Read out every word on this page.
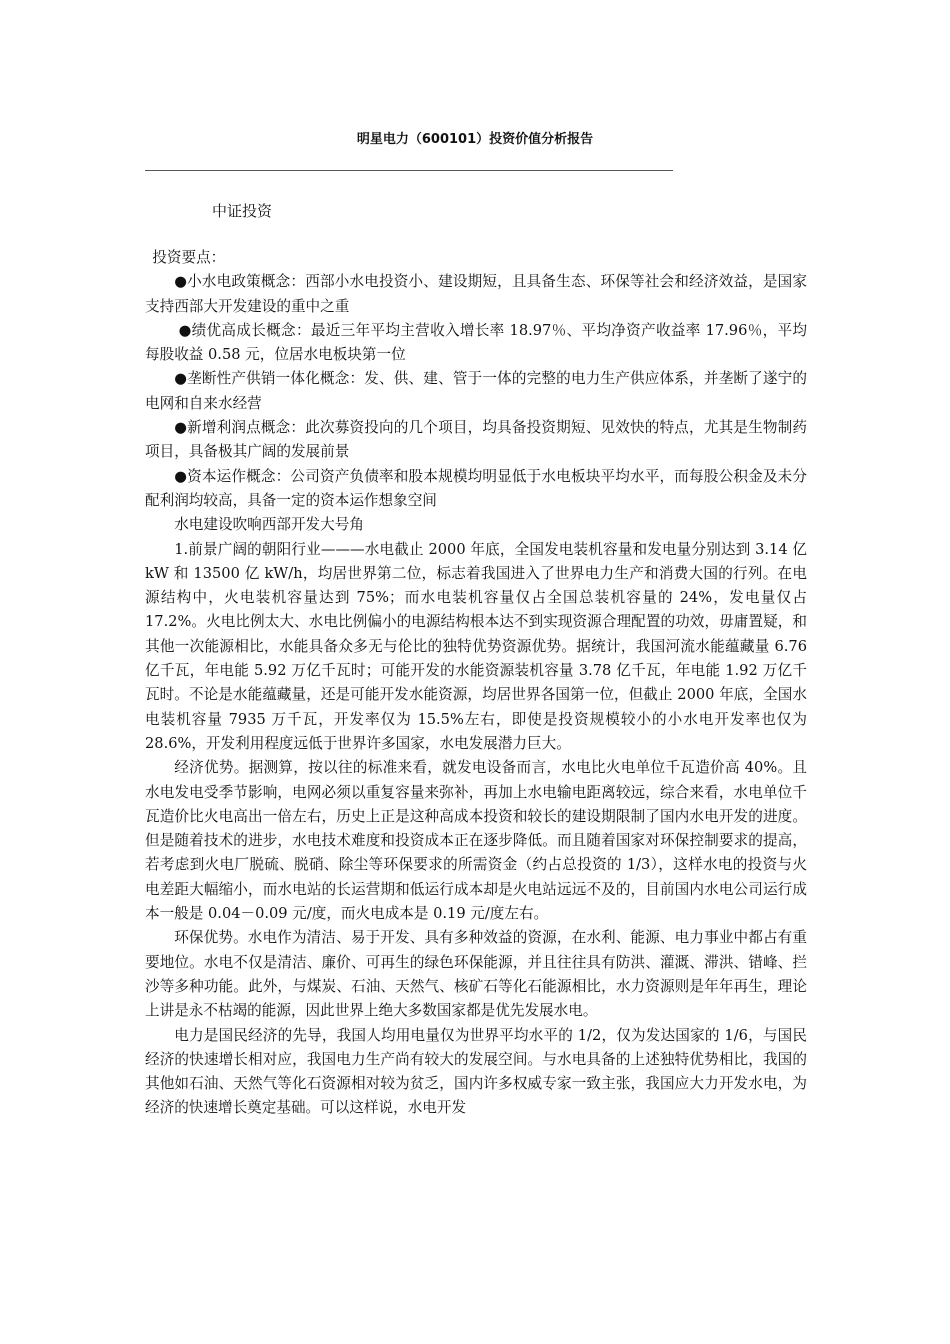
明星电力（600101）投资价值分析报告
中证投资

投资要点：

●小水电政策概念：西部小水电投资小、建设期短，且具备生态、环保等社会和经济效益，是国家支持西部大开发建设的重中之重

●绩优高成长概念：最近三年平均主营收入增长率 18.97％、平均净资产收益率 17.96％，平均每股收益 0.58 元，位居水电板块第一位

●垄断性产供销一体化概念：发、供、建、管于一体的完整的电力生产供应体系，并垄断了遂宁的电网和自来水经营

●新增利润点概念：此次募资投向的几个项目，均具备投资期短、见效快的特点，尤其是生物制药项目，具备极其广阔的发展前景

●资本运作概念：公司资产负债率和股本规模均明显低于水电板块平均水平，而每股公积金及未分配利润均较高，具备一定的资本运作想象空间

水电建设吹响西部开发大号角

1.前景广阔的朝阳行业———水电截止 2000 年底，全国发电装机容量和发电量分别达到 3.14 亿 kW 和 13500 亿 kW/h，均居世界第二位，标志着我国进入了世界电力生产和消费大国的行列。在电源结构中，火电装机容量达到 75%；而水电装机容量仅占全国总装机容量的 24%，发电量仅占 17.2%。火电比例太大、水电比例偏小的电源结构根本达不到实现资源合理配置的功效，毋庸置疑，和其他一次能源相比，水能具备众多无与伦比的独特优势资源优势。据统计，我国河流水能蕴藏量 6.76 亿千瓦，年电能 5.92 万亿千瓦时；可能开发的水能资源装机容量 3.78 亿千瓦，年电能 1.92 万亿千瓦时。不论是水能蕴藏量，还是可能开发水能资源，均居世界各国第一位，但截止 2000 年底，全国水电装机容量 7935 万千瓦，开发率仅为 15.5%左右，即使是投资规模较小的小水电开发率也仅为 28.6%，开发利用程度远低于世界许多国家，水电发展潜力巨大。

经济优势。据测算，按以往的标准来看，就发电设备而言，水电比火电单位千瓦造价高 40%。且水电发电受季节影响，电网必须以重复容量来弥补，再加上水电输电距离较远，综合来看，水电单位千瓦造价比火电高出一倍左右，历史上正是这种高成本投资和较长的建设期限制了国内水电开发的进度。但是随着技术的进步，水电技术难度和投资成本正在逐步降低。而且随着国家对环保控制要求的提高，若考虑到火电厂脱硫、脱硝、除尘等环保要求的所需资金（约占总投资的 1/3），这样水电的投资与火电差距大幅缩小，而水电站的长运营期和低运行成本却是火电站远远不及的，目前国内水电公司运行成本一般是 0.04－0.09 元/度，而火电成本是 0.19 元/度左右。

环保优势。水电作为清洁、易于开发、具有多种效益的资源，在水利、能源、电力事业中都占有重要地位。水电不仅是清洁、廉价、可再生的绿色环保能源，并且往往具有防洪、灌溉、滞洪、错峰、拦沙等多种功能。此外，与煤炭、石油、天然气、核矿石等化石能源相比，水力资源则是年年再生，理论上讲是永不枯竭的能源，因此世界上绝大多数国家都是优先发展水电。

电力是国民经济的先导，我国人均用电量仅为世界平均水平的 1/2，仅为发达国家的 1/6，与国民经济的快速增长相对应，我国电力生产尚有较大的发展空间。与水电具备的上述独特优势相比，我国的其他如石油、天然气等化石资源相对较为贫乏，国内许多权威专家一致主张，我国应大力开发水电，为经济的快速增长奠定基础。可以这样说，水电开发
